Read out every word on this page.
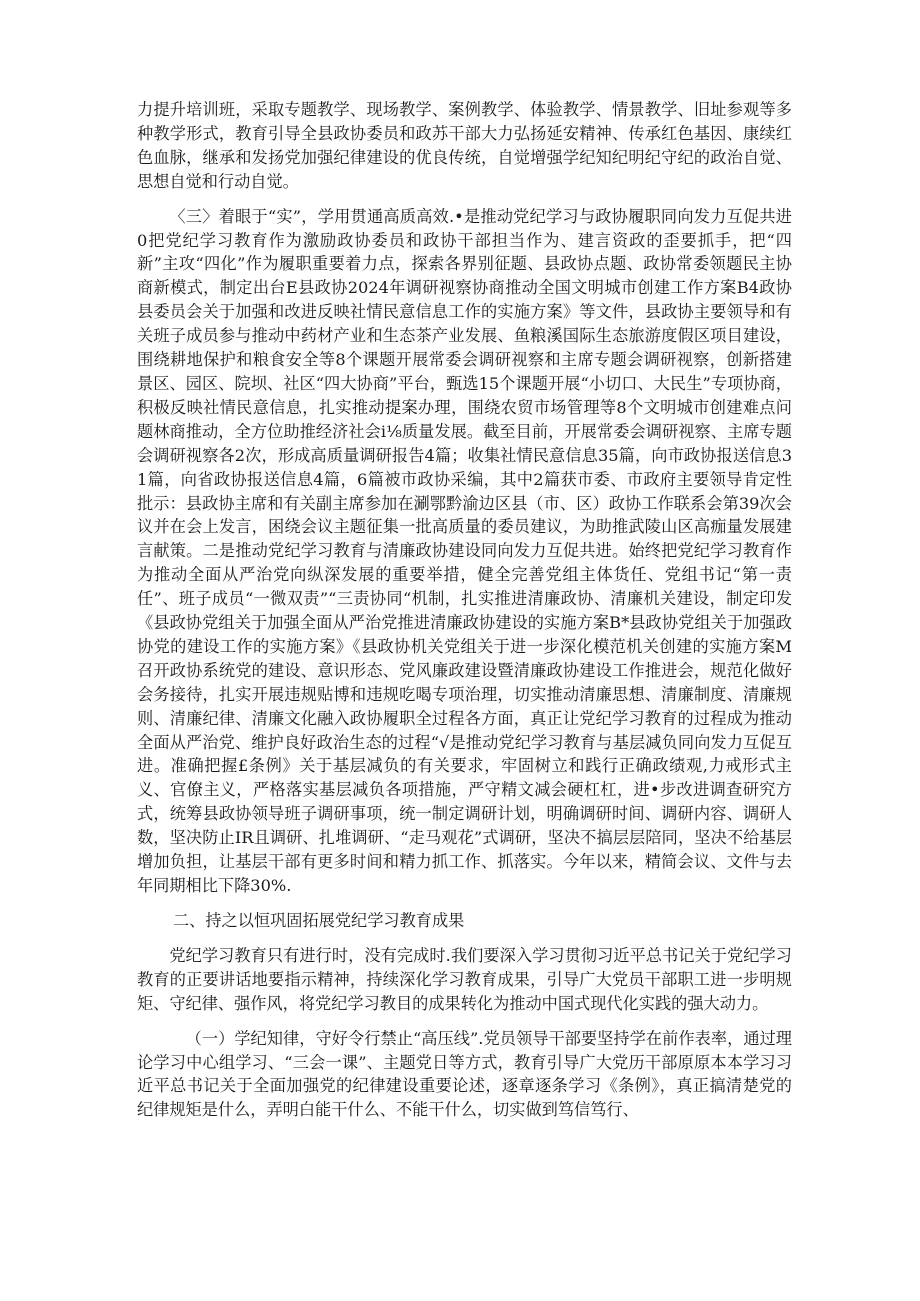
力提升培训班，采取专题教学、现场教学、案例教学、体验教学、情景教学、旧址参观等多种教学形式，教育引导全县政协委员和政苏干部大力弘扬延安精神、传承红色基因、康续红色血脉，继承和发扬党加强纪律建设的优良传统，自觉增强学纪知纪明纪守纪的政治自觉、思想自觉和行动自觉。

〈三〉着眼于“实”，学用贯通高质高效.•是推动党纪学习与政协履职同向发力互促共进0把党纪学习教育作为激励政协委员和政协干部担当作为、建言资政的歪要抓手，把“四新”主攻“四化”作为履职重要着力点，探索各界别征题、县政协点题、政协常委领题民主协商新模式，制定出台E县政协2024年调研视察协商推动全国文明城市创建工作方案B4政协县委员会关于加强和改进反映社情民意信息工作的实施方案》等文件，县政协主要领导和有关班子成员参与推动中药材产业和生态茶产业发展、鱼粮溪国际生态旅游度假区项目建设，围绕耕地保护和粮食安全等8个课题开展常委会调研视察和主席专题会调研视察，创新搭建景区、园区、院坝、社区“四大协商”平台，甄选15个课题开展“小切口、大民生”专项协商，积极反映社情民意信息，扎实推动提案办理，围绕农贸市场管理等8个文明城市创建难点问题林商推动，全方位助推经济社会i⅛质量发展。截至目前，开展常委会调研视察、主席专题会调研视察各2次，形成高质量调研报告4篇；收集社情民意信息35篇，向市政协报送信息31篇，向省政协报送信息4篇，6篇被市政协采编，其中2篇获市委、市政府主要领导肯定性批示：县政协主席和有关副主席参加在涮鄂黔渝边区县（市、区）政协工作联系会第39次会议并在会上发言，困绕会议主题征集一批高质量的委员建议，为助推武陵山区高痂量发展建言献策。二是推动党纪学习教育与清廉政协建设同向发力互促共进。始终把党纪学习教育作为推动全面从严治党向纵深发展的重要举措，健全完善党组主体货任、党组书记“第一责任”、班子成员“一微双责”“三责协同“机制，扎实推进清廉政协、清廉机关建设，制定印发《县政协党组关于加强全面从严治党推进清廉政协建设的实施方案B*县政协党组关于加强政协党的建设工作的实施方案》《县政协机关党组关于进一步深化模范机关创建的实施方案M召开政协系统党的建设、意识形态、党风廉政建设暨清廉政协建设工作推进会，规范化做好会务接待，扎实开展违规贴博和违规吃喝专项治理，切实推动清廉思想、清廉制度、清廉规则、清廉纪律、清廉文化融入政协履职全过程各方面，真正让党纪学习教育的过程成为推动全面从严治党、维护良好政治生态的过程“√是推动党纪学习教育与基层减负同向发力互促互进。准确把握£条例》关于基层减负的有关要求，牢固树立和践行正确政绩观,力戒形式主义、官僚主义，严格落实基层减负各项措施，严守精文减会硬杠杠，进•步改进调查研究方式，统筹县政协领导班子调研事项，统一制定调研计划，明确调研时间、调研内容、调研人数，坚决防止IR且调研、扎堆调研、“走马观花”式调研，坚决不搞层层陪同，坚决不给基层增加负担，让基层干部有更多时间和精力抓工作、抓落实。今年以来，精简会议、文件与去年同期相比下降30%.

二、持之以恒巩固拓展党纪学习教育成果

党纪学习教育只有进行时，没有完成时.我们要深入学习贯彻习近平总书记关于党纪学习教育的正要讲话地要指示精神，持续深化学习教育成果，引导广大党员干部职工进一步明规矩、守纪律、强作风，将党纪学习教目的成果转化为推动中国式现代化实践的强大动力。

（一）学纪知律，守好令行禁止“高压线”.党员领导干部要坚持学在前作表率，通过理论学习中心组学习、“三会一课”、主题党日等方式，教育引导广大党历干部原原本本学习习近平总书记关于全面加强党的纪律建设重要论述，逐章逐条学习《条例》，真正搞清楚党的纪律规矩是什么，弄明白能干什么、不能干什么，切实做到笃信笃行、
